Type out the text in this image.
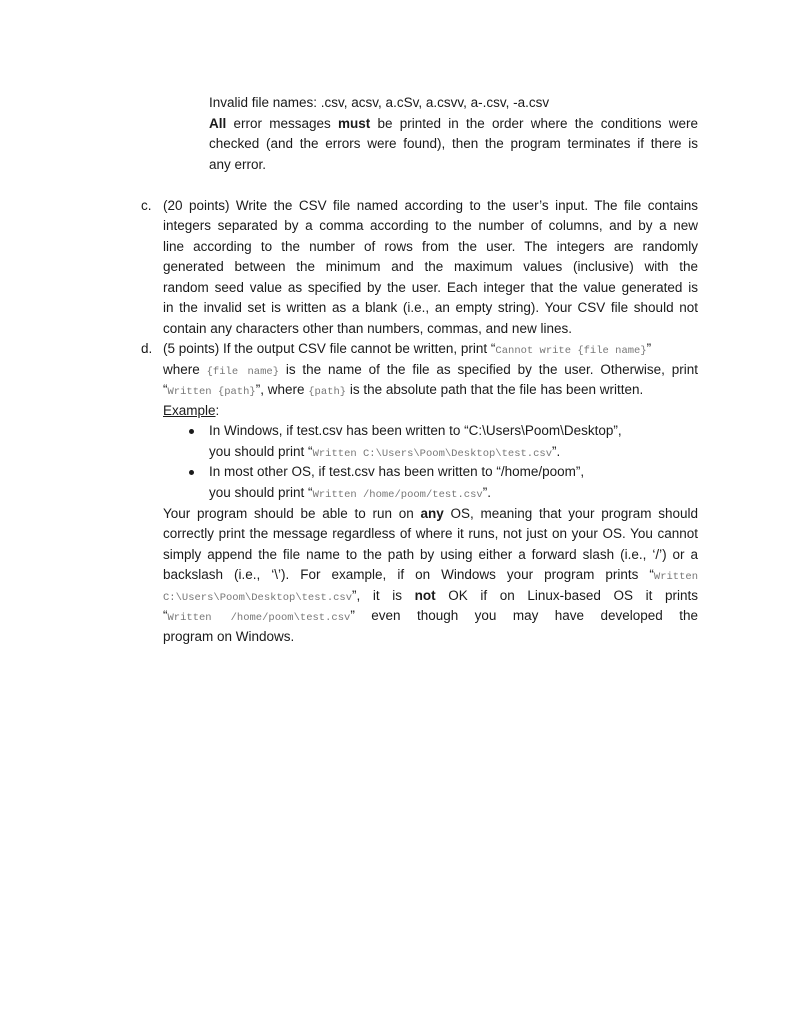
Invalid file names: .csv, acsv, a.cSv, a.csvv, a-.csv, -a.csv
All error messages must be printed in the order where the conditions were
checked (and the errors were found), then the program terminates if there is
any error.
c. (20 points) Write the CSV file named according to the user’s input. The file contains
integers separated by a comma according to the number of columns, and by a new
line according to the number of rows from the user. The integers are randomly
generated between the minimum and the maximum values (inclusive) with the
random seed value as specified by the user. Each integer that the value generated is
in the invalid set is written as a blank (i.e., an empty string). Your CSV file should not
contain any characters other than numbers, commas, and new lines.
d. (5 points) If the output CSV file cannot be written, print “Cannot write {file name}”
where {file name} is the name of the file as specified by the user. Otherwise, print
“Written {path}”, where {path} is the absolute path that the file has been written.
Example:
In Windows, if test.csv has been written to “C:\Users\Poom\Desktop”,
you should print “Written C:\Users\Poom\Desktop\test.csv”.
In most other OS, if test.csv has been written to “/home/poom”,
you should print “Written /home/poom/test.csv”.
Your program should be able to run on any OS, meaning that your program should
correctly print the message regardless of where it runs, not just on your OS. You cannot
simply append the file name to the path by using either a forward slash (i.e., ‘/’) or a
backslash (i.e., ‘\’). For example, if on Windows your program prints “Written
C:\Users\Poom\Desktop\test.csv”, it is not OK if on Linux-based OS it prints
“Written /home/poom\test.csv” even though you may have developed the
program on Windows.
